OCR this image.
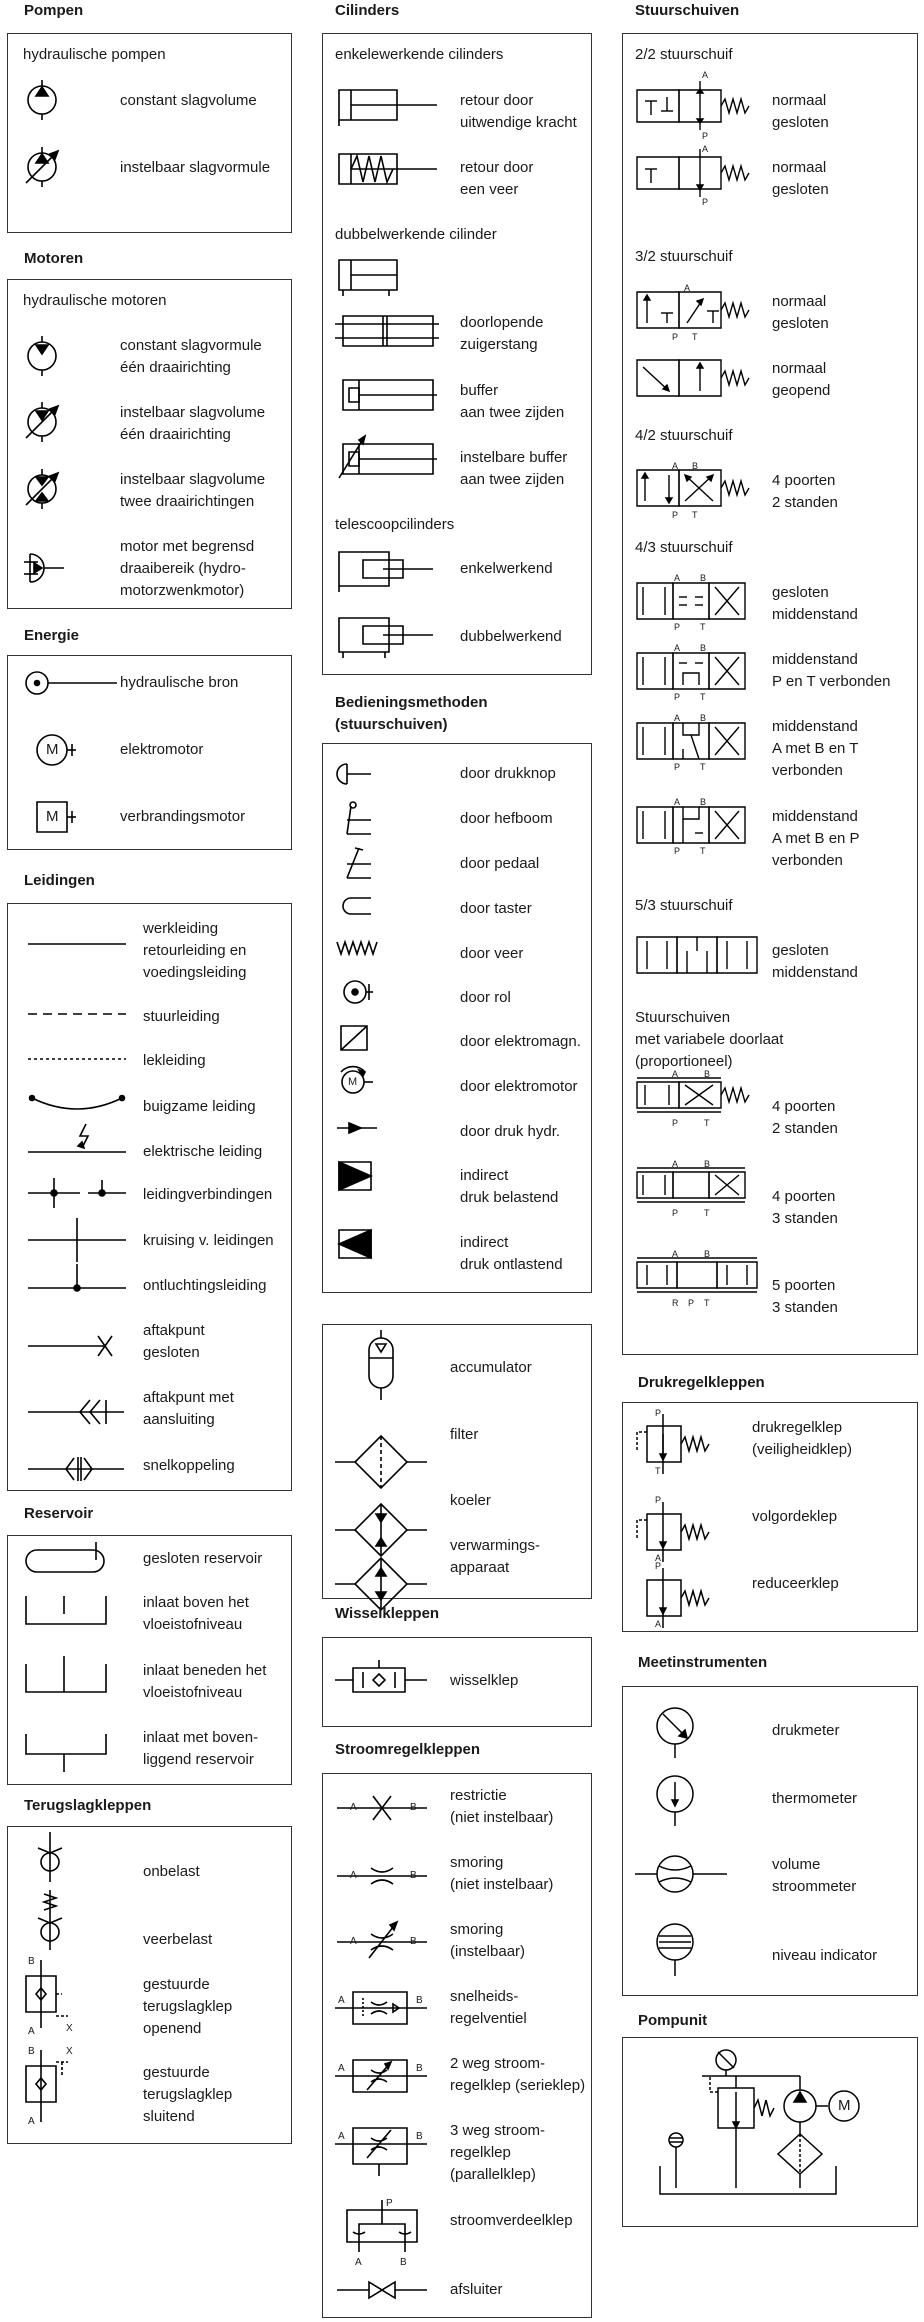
Pompen
hydraulische pompen
constant slagvolume
instelbaar slagvormule
Motoren
hydraulische motoren
constant slagvormule
één draairichting
instelbaar slagvolume
één draairichting
instelbaar slagvolume
twee draairichtingen
motor met begrensd
draaibereik (hydro-
motorzwenkmotor)
Energie
hydraulische bron
M	elektromotor
M	verbrandingsmotor
Leidingen
werkleiding
retourleiding en
voedingsleiding
stuurleiding
lekleiding
buigzame leiding
elektrische leiding
leidingverbindingen
kruising v. leidingen
ontluchtingsleiding
aftakpunt
gesloten
aftakpunt met
aansluiting
snelkoppeling
Reservoir
gesloten reservoir
inlaat boven het
vloeistofniveau
inlaat beneden het
vloeistofniveau
inlaat met boven-
liggend reservoir
Terugslagkleppen
B
A	X
B	X
A
onbelast
veerbelast
gestuurde
terugslagklep
openend
gestuurde
terugslagklep
sluitend
Cilinders
enkelewerkende cilinders
retour door
uitwendige kracht
retour door
een veer
dubbelwerkende cilinder
doorlopende
zuigerstang
buffer
aan twee zijden
instelbare buffer
aan twee zijden
telescoopcilinders
enkelwerkend
dubbelwerkend
Bedieningsmethoden
(stuurschuiven)
M
door drukknop
door hefboom
door pedaal
door taster
door veer
door rol
door elektromagn.
door elektromotor
door druk hydr.
indirect
druk belastend
indirect
druk ontlastend
accumulator
filter
koeler
verwarmings-
apparaat
Wisselkleppen
wisselklep
Stroomregelkleppen
A	B
A	B
A	B
A	B
A	B
A	B
P
A	B
restrictie
(niet instelbaar)
smoring
(niet instelbaar)
smoring
(instelbaar)
snelheids-
regelventiel
2 weg stroom-
regelklep (serieklep)
3 weg stroom-
regelklep
(parallelklep)
stroomverdeelklep
afsluiter
Stuurschuiven
2/2 stuurschuif
normaal
gesloten
normaal
gesloten
3/2 stuurschuif
normaal
gesloten
normaal
geopend
4/2 stuurschuif
4 poorten
2 standen
4/3 stuurschuif
gesloten
middenstand
middenstand
P en T verbonden
middenstand
A met B en T
verbonden
middenstand
A met B en P
verbonden
5/3 stuurschuif
gesloten
middenstand
Stuurschuiven
met variabele doorlaat
(proportioneel)
4 poorten
2 standen
4 poorten
3 standen
5 poorten
3 standen
A
P
A
P
A
P T
A B
P T
A B
P T
A B
P T
A B
P T
A B
P T
A	B
P	T
A	B
P	T
A	B
R P T
Drukregelkleppen
P
T
P
A
P
A
drukregelklep
(veiligheidklep)
volgordeklep
reduceerklep
Meetinstrumenten
drukmeter
thermometer
volume
stroommeter
niveau indicator
Pompunit
M
